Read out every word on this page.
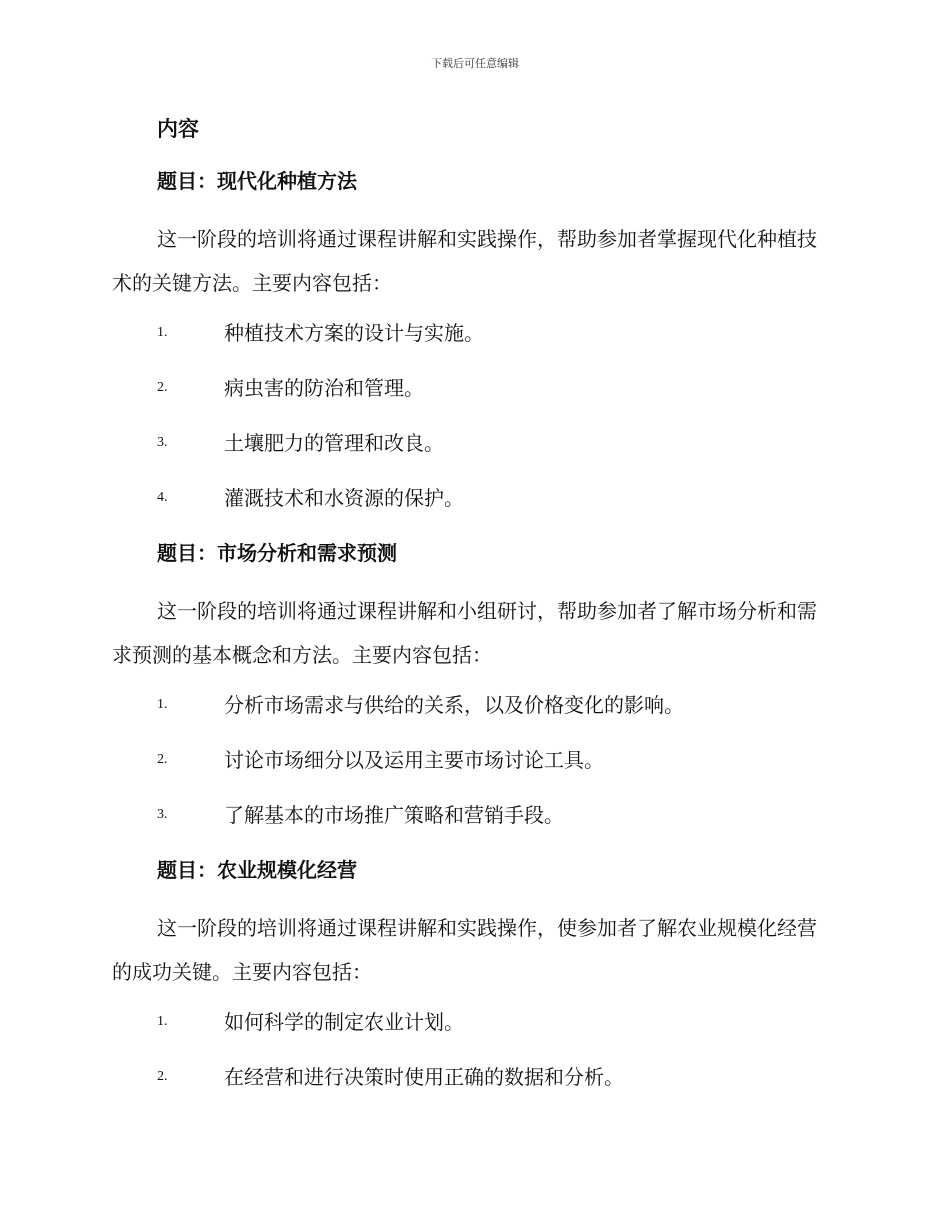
下载后可任意编辑
内容
题目：现代化种植方法

这一阶段的培训将通过课程讲解和实践操作，帮助参加者掌握现代化种植技术的关键方法。主要内容包括：

1.	种植技术方案的设计与实施。
2.	病虫害的防治和管理。
3.	土壤肥力的管理和改良。
4.	灌溉技术和水资源的保护。
题目：市场分析和需求预测

这一阶段的培训将通过课程讲解和小组研讨，帮助参加者了解市场分析和需求预测的基本概念和方法。主要内容包括：

1.	分析市场需求与供给的关系，以及价格变化的影响。
2.	讨论市场细分以及运用主要市场讨论工具。
3.	了解基本的市场推广策略和营销手段。
题目：农业规模化经营

这一阶段的培训将通过课程讲解和实践操作，使参加者了解农业规模化经营的成功关键。主要内容包括：

1.	如何科学的制定农业计划。
2.	在经营和进行决策时使用正确的数据和分析。
